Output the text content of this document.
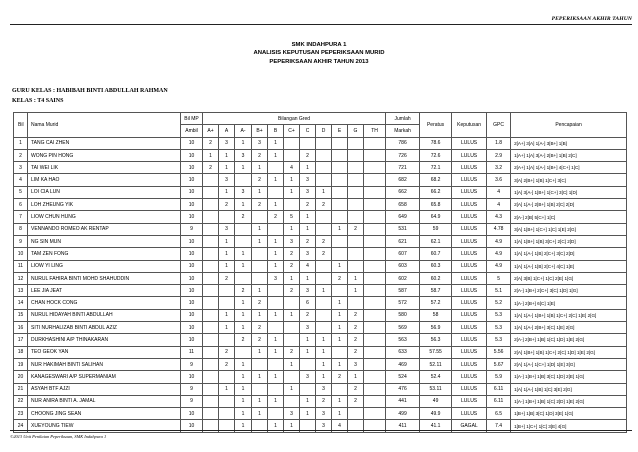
PEPERIKSAAN AKHIR TAHUN
SMK INDAHPURA 1
ANALISIS KEPUTUSAN PEPERIKSAAN MURID
PEPERIKSAAN AKHIR TAHUN 2013
GURU KELAS : HABIBAH BINTI ABDULLAH RAHMAN
KELAS : T4 SAINS
Bil	Nama Murid	Bil MP	Bilangan Gred											Jumlah	Peratus	Keputusan	GPC	Pencapaian
		Ambil	A+	A	A-	B+	B	C+	C	D	E	G	TH	Markah				
1	TANG CAI ZHEN	10	2	3	1	3	1							786	78.6	LULUS	1.8	2[A+] 3[A] 1[A-] 3[B+] 1[B]
2	WONG PIN HONG	10	1	1	3	2	1		2					726	72.6	LULUS	2.9	1[A+] 1[A] 3[A-] 2[B+] 1[B] 2[C]
3	TAI WEI LIK	10	2	1	1	1		4	1					721	72.1	LULUS	3.2	2[A+] 1[A] 1[A-] 1[B+] 4[C+] 1[C]
4	LIM KA HAO	10		3		2	1	1	3					682	68.2	LULUS	3.6	3[A] 2[B+] 1[B] 1[C+] 3[C]
5	LOI CIA LUN	10		1	3	1		1	3	1				662	66.2	LULUS	4	1[A] 3[A-] 1[B+] 1[C+] 3[C] 1[D]
6	LOH ZHEUNG YIK	10		2	1	2	1		2	2				658	65.8	LULUS	4	2[A] 1[A-] 2[B+] 1[B] 2[C] 2[D]
7	LIOW CHUN HUNG	10			2		2	5	1					649	64.9	LULUS	4.3	2[A-] 2[B] 5[C+] 1[C]
8	VENNANDO ROMEO AK RENTAP	9		3		1		1	1		1	2		531	59	LULUS	4.78	3[A] 1[B+] 1[C+] 1[C] 1[E] 2[G]
9	NG SIN MUN	10		1		1	1	3	2	2				621	62.1	LULUS	4.9	1[A] 1[B+] 1[B] 3[C+] 2[C] 2[D]
10	TAM ZEN FONG	10		1	1		1	2	3	2				607	60.7	LULUS	4.9	1[A] 1[A-] 1[B] 2[C+] 3[C] 2[D]
11	LIOW YI LING	10		1	1		1	2	4		1			603	60.3	LULUS	4.9	1[A] 1[A-] 1[B] 2[C+] 4[C] 1[E]
12	NURUL FAHIRA BINTI MOHD SHAHUDDIN	10		2			3	1	1		2	1		602	60.2	LULUS	5	2[A] 3[B] 1[C+] 1[C] 2[E] 1[G]
13	LEE JIA JEAT	10			2	1		2	3	1		1		587	58.7	LULUS	5.1	2[A-] 1[B+] 2[C+] 3[C] 1[D] 1[G]
14	CHAN HOCK CONG	10			1	2			6		1			572	57.2	LULUS	5.2	1[A-] 2[B+] 6[C] 1[E]
15	NURUL HIDAYAH BINTI ABDULLAH	10		1	1	1	1	1	2		1	2		580	58	LULUS	5.3	1[A] 1[A-] 1[B+] 1[B] 1[C+] 2[C] 1[E] 2[G]
16	SITI NURHALIZAB BINTI ABDUL AZIZ	10		1	1	2			3		1	2		569	56.9	LULUS	5.3	1[A] 1[A-] 2[B+] 3[C] 1[E] 2[G]
17	DURKHASHINI A/P THINAKARAN	10			2	2	1		1	1	1	2		563	56.3	LULUS	5.3	2[A-] 2[B+] 1[B] 1[C] 1[D] 1[E] 2[G]
18	TEO GEOK YAN	11		2		1	1	2	1	1		2		633	57.55	LULUS	5.56	2[A] 1[B+] 1[B] 1[C+] 2[C] 1[D] 1[E] 2[G]
19	NUR HAKIMAH BINTI SALIHAN	9		2	1			1		1	1	3		469	52.11	LULUS	5.67	2[A] 1[A-] 1[C+] 1[D] 1[E] 3[G]
20	KANAGESWARI A/P SUPERMANIAM	10			1	1	1		3	1	2	1		524	52.4	LULUS	5.9	1[A-] 1[B+] 1[B] 3[C] 1[D] 2[E] 1[G]
21	ASYAH BTF AJZI	9		1	1			1		3		2		476	53.11	LULUS	6.11	1[A] 1[A-] 1[B] 1[C] 3[E] 2[G]
22	NUR ANIRA BINTI A. JAMAL	9			1	1	1		1	2	1	2		441	49	LULUS	6.11	1[A-] 1[B+] 1[B] 1[C] 2[D] 1[E] 2[G]
23	CHOONG JING SEAN	10			1	1		3	1	3	1			499	49.9	LULUS	6.5	1[B+] 1[B] 3[C] 1[D] 3[E] 1[G]
24	XUEYOUNG TIEW	10			1		1	1		3	4			411	41.1	GAGAL	7.4	1[B+] 1[C+] 1[C] 3[E] 4[G]
©2013 Unit Penilaian Peperiksaan, SMK Indahpura 1
